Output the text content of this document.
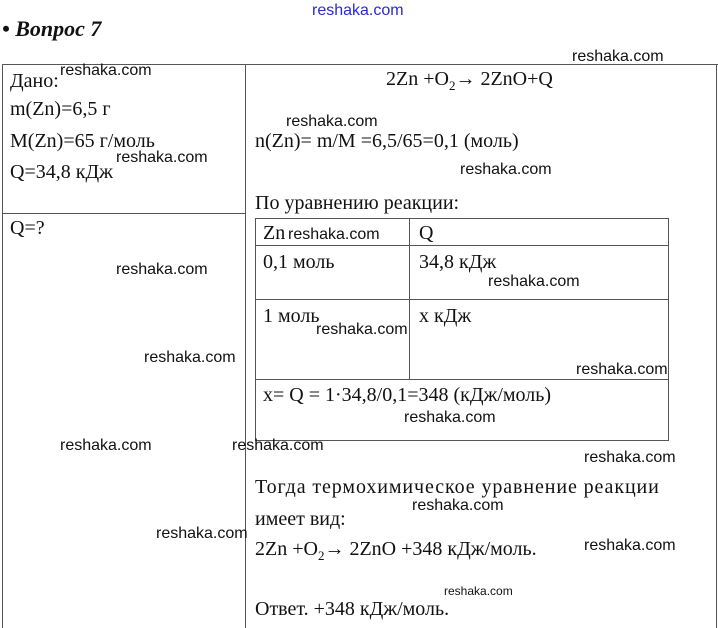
• Вопрос 7
Дано:
m(Zn)=6,5 г
M(Zn)=65 г/моль
Q=34,8 кДж
Q=?
$2Zn +O_2\to 2ZnO+Q$
n(Zn)= m/M =6,5/65=0,1 (моль)
По уравнению реакции:
Zn	Q
0,1 моль	34,8 кДж
1 моль	x кДж
x= Q = 1·34,8/0,1=348 (кДж/моль)
Тогда термохимическое уравнение реакции
имеет вид:
$2Zn +O_2\to 2ZnO +348$ кДж/моль.
Ответ. +348 кДж/моль.
reshaka.com
reshaka.com
reshaka.com
reshaka.com
reshaka.com
reshaka.com
reshaka.com
reshaka.com
reshaka.com
reshaka.com
reshaka.com
reshaka.com
reshaka.com
reshaka.com	reshaka.com
reshaka.com
reshaka.com
reshaka.com
reshaka.com
reshaka.com
